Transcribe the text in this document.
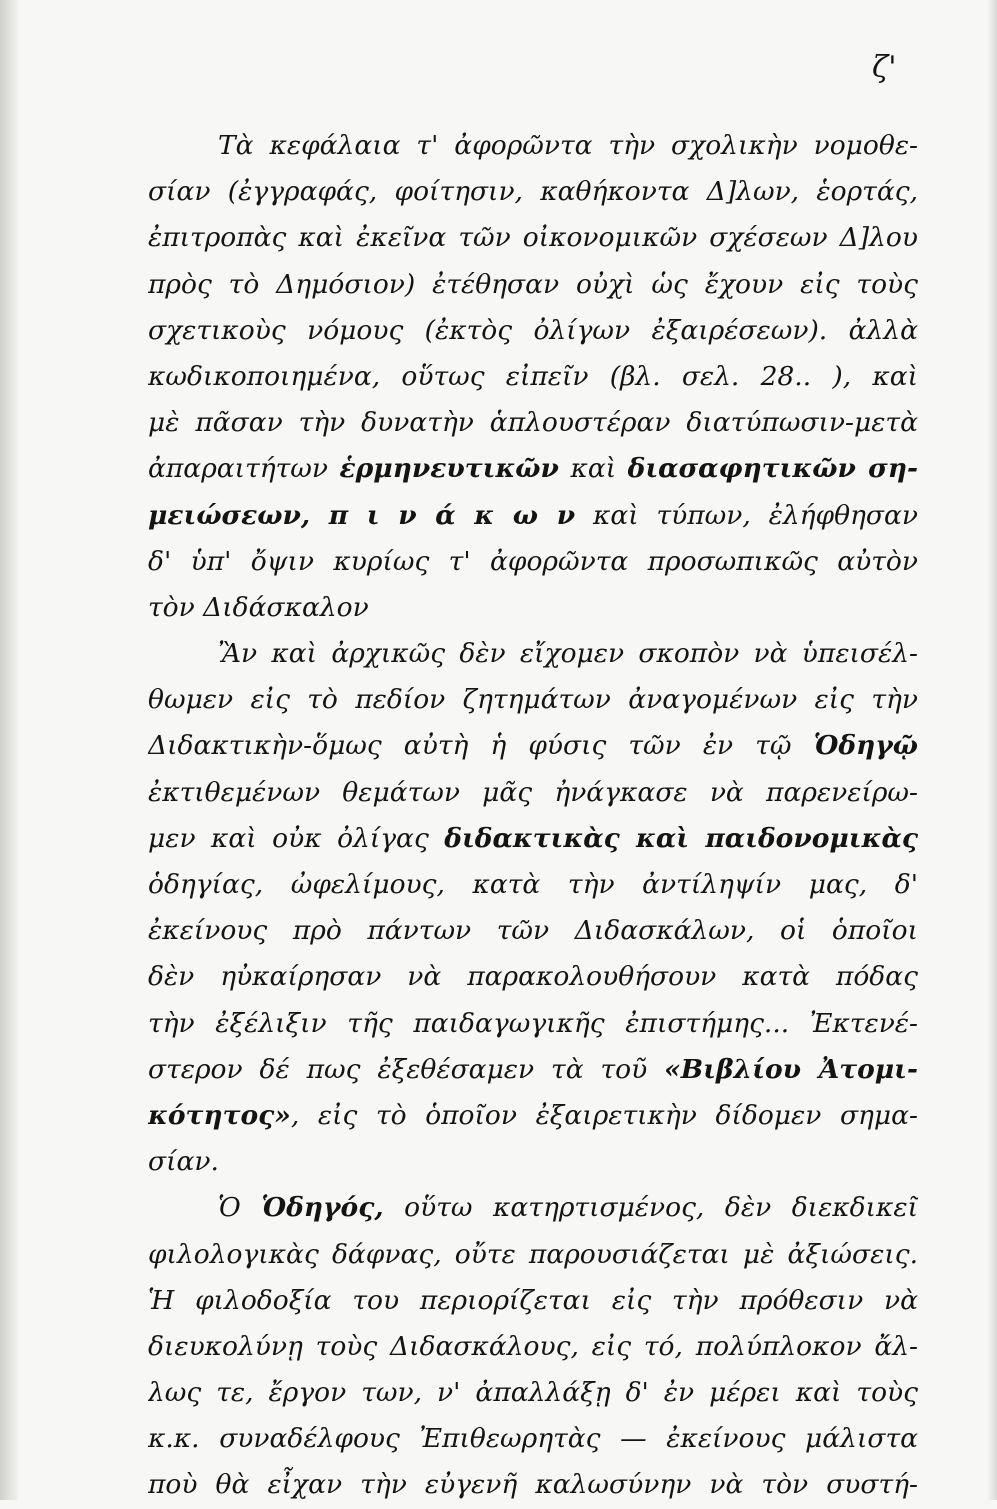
ζ'
Τὰ κεφάλαια τ' ἀφορῶντα τὴν σχολικὴν νομοθε-
σίαν (ἐγγραφάς, φοίτησιν, καθήκοντα Δ]λων, ἑορτάς,
ἐπιτροπὰς καὶ ἐκεῖνα τῶν οἰκονομικῶν σχέσεων Δ]λου
πρὸς τὸ Δημόσιον) ἐτέθησαν οὐχὶ ὡς ἔχουν εἰς τοὺς
σχετικοὺς νόμους (ἐκτὸς ὀλίγων ἐξαιρέσεων). ἀλλὰ
κωδικοποιημένα, οὕτως εἰπεῖν (βλ. σελ. 28.. ), καὶ
μὲ πᾶσαν τὴν δυνατὴν ἁπλουστέραν διατύπωσιν-μετὰ
ἀπαραιτήτων ἑρμηνευτικῶν καὶ διασαφητικῶν ση-
μειώσεων, π ι ν ά κ ω ν καὶ τύπων, ἐλήφθησαν
δ' ὑπ' ὄψιν κυρίως τ' ἀφορῶντα προσωπικῶς αὐτὸν
τὸν Διδάσκαλον
Ἂν καὶ ἀρχικῶς δὲν εἴχομεν σκοπὸν νὰ ὑπεισέλ-
θωμεν εἰς τὸ πεδίον ζητημάτων ἀναγομένων εἰς τὴν
Διδακτικὴν-ὅμως αὐτὴ ἡ φύσις τῶν ἐν τῷ Ὁδηγῷ
ἐκτιθεμένων θεμάτων μᾶς ἠνάγκασε νὰ παρενείρω-
μεν καὶ οὐκ ὀλίγας διδακτικὰς καὶ παιδονομικὰς
ὁδηγίας, ὠφελίμους, κατὰ τὴν ἀντίληψίν μας, δ'
ἐκείνους πρὸ πάντων τῶν Διδασκάλων, οἱ ὁποῖοι
δὲν ηὐκαίρησαν νὰ παρακολουθήσουν κατὰ πόδας
τὴν ἐξέλιξιν τῆς παιδαγωγικῆς ἐπιστήμης... Ἐκτενέ-
στερον δέ πως ἐξεθέσαμεν τὰ τοῦ «Βιβλίου Ἀτομι-
κότητος», εἰς τὸ ὁποῖον ἐξαιρετικὴν δίδομεν σημα-
σίαν.
Ὁ Ὁδηγός, οὕτω κατηρτισμένος, δὲν διεκδικεῖ
φιλολογικὰς δάφνας, οὔτε παρουσιάζεται μὲ ἀξιώσεις.
Ἡ φιλοδοξία του περιορίζεται εἰς τὴν πρόθεσιν νὰ
διευκολύνῃ τοὺς Διδασκάλους, εἰς τό, πολύπλοκον ἄλ-
λως τε, ἔργον των, ν' ἀπαλλάξῃ δ' ἐν μέρει καὶ τοὺς
κ.κ. συναδέλφους Ἐπιθεωρητὰς — ἐκείνους μάλιστα
ποὺ θὰ εἶχαν τὴν εὐγενῆ καλωσύνην νὰ τὸν συστή-
